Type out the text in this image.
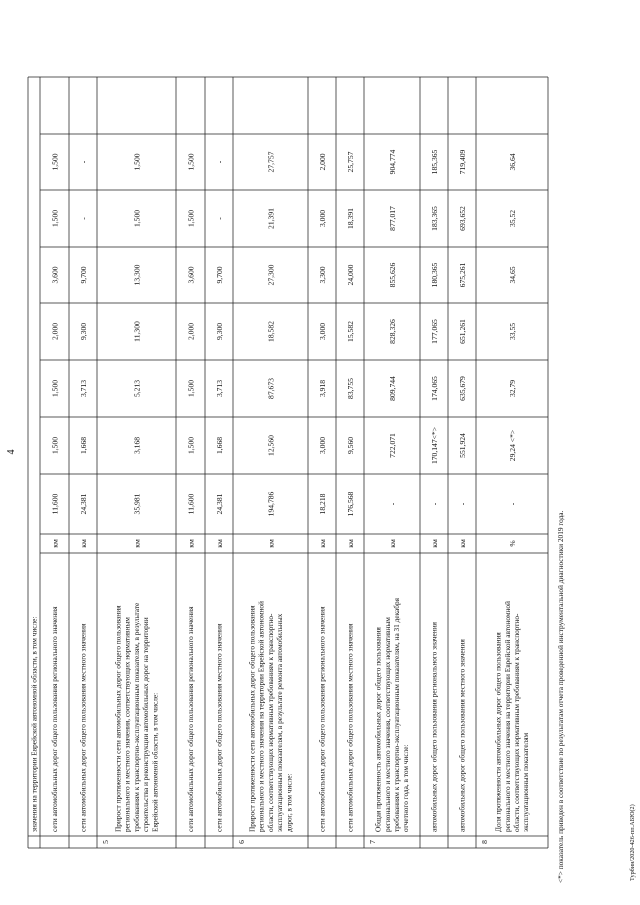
4
значения на территории Еврейской автономной области, в том числе: сети автомобильных дорог общего пользования регионального значения
км
11,600
1,500
1,500
2,000
3,600
1,500
1,500
сети автомобильных дорог общего пользования местного значения
км
24,381
1,668
3,713
9,300
9,700
-
-
5
Прирост протяженности сети автомобильных дорог общего пользования регионального и местного значения, соответствующих нормативным требованиям к транспортно-эксплуатационным показателям, в результате строительства и реконструкции автомобильных дорог на территории Еврейской автономной области, в том числе:
км
35,981
3,168
5,213
11,300
13,300
1,500
1,500
сети автомобильных дорог общего пользования регионального значения
км
11,600
1,500
1,500
2,000
3,600
1,500
1,500
сети автомобильных дорог общего пользования местного значения
км
24,381
1,668
3,713
9,300
9,700
-
-
6
Прирост протяженности сети автомобильных дорог общего пользования регионального и местного значения на территории Еврейской автономной области, соответствующих нормативным требованиям к транспортно- эксплуатационным показателям, в результате ремонта автомобильных дорог, в том числе:
км
194,786
12,560
87,673
18,582
27,300
21,391
27,757
сети автомобильных дорог общего пользования регионального значения
км
18,218
3,000
3,918
3,000
3,300
3,000
2,000
сети автомобильных дорог общего пользования местного значения
км
176,568
9,560
83,755
15,582
24,000
18,391
25,757
7
Общая протяженность автомобильных дорог общего пользования регионального и местного значения, соответствующих нормативным требованиям к транспортно-эксплуатационным показателям, на 31 декабря отчетного года, в том числе:
км
-
722,071
809,744
828,326
855,626
877,017
904,774
автомобильных дорог общего пользования регионального значения
км
-
170,147<*>
174,065
177,065
180,365
183,365
185,365
автомобильных дорог общего пользования местного значения
км
-
551,924
635,679
651,261
675,261
693,652
719,409
8
Доля протяженности автомобильных дорог общего пользования регионального и местного значения на территории Еврейской автономной области, соответствующих нормативным требованиям к транспортно- эксплуатационным показателям
%
-
29,24 <*>
32,79
33,55
34,65
35,52
36,64
<*> показатель приведен в соответствие по результатам отчета проведенной инструментальной диагностики 2019 года.	Турбин/2020-426-пп.АБЮ(2)
